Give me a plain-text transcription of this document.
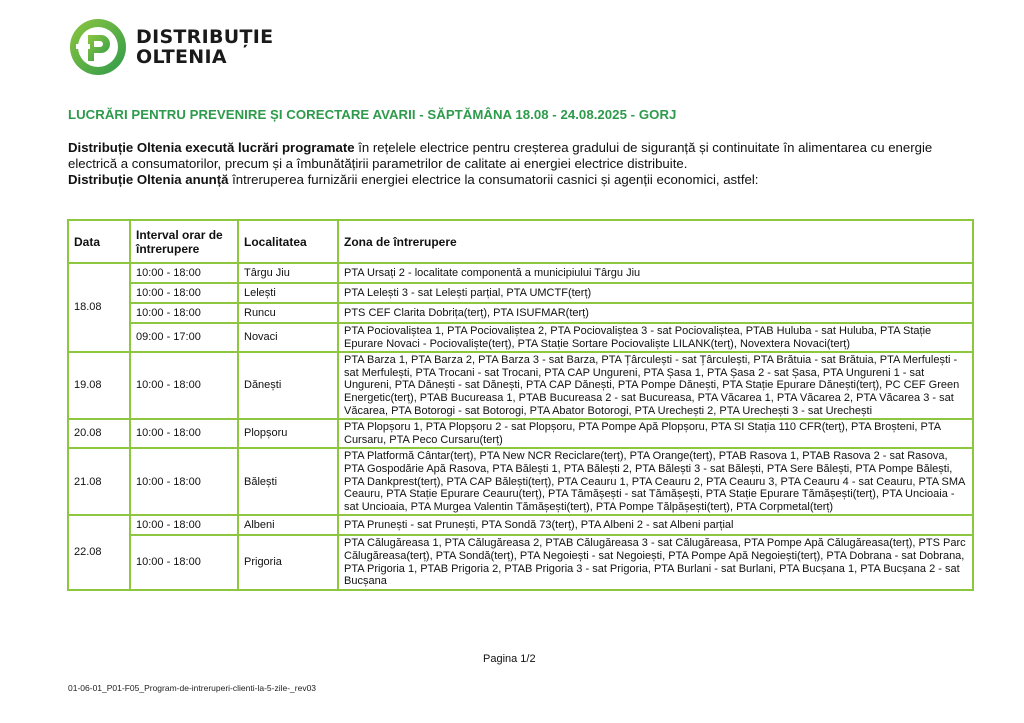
DISTRIBUȚIE
OLTENIA
LUCRĂRI PENTRU PREVENIRE ȘI CORECTARE AVARII - SĂPTĂMÂNA 18.08 - 24.08.2025 - GORJ
Distribuție Oltenia execută lucrări programate în rețelele electrice pentru creșterea gradului de siguranță și continuitate în alimentarea cu energie electrică a consumatorilor, precum și a îmbunătățirii parametrilor de calitate ai energiei electrice distribuite.
Distribuție Oltenia anunță întreruperea furnizării energiei electrice la consumatorii casnici și agenții economici, astfel:
Data	Interval orar de întrerupere	Localitatea	Zona de întrerupere
18.08	10:00 - 18:00	Târgu Jiu	PTA Ursați 2 - localitate componentă a municipiului Târgu Jiu
	10:00 - 18:00	Lelești	PTA Lelești 3 - sat Lelești parțial, PTA UMCTF(terț)
	10:00 - 18:00	Runcu	PTS CEF Clarita Dobrița(terț), PTA ISUFMAR(terț)
	09:00 - 17:00	Novaci	PTA Pociovaliștea 1, PTA Pociovaliștea 2, PTA Pociovaliștea 3 - sat Pociovaliștea, PTAB Huluba - sat Huluba, PTA Stație Epurare Novaci - Pociovaliște(terț), PTA Stație Sortare Pociovaliște LILANK(terț), Novextera Novaci(terț)
19.08	10:00 - 18:00	Dănești	PTA Barza 1, PTA Barza 2, PTA Barza 3 - sat Barza, PTA Țârculești - sat Țârculești, PTA Brătuia - sat Brătuia, PTA Merfulești - sat Merfulești, PTA Trocani - sat Trocani, PTA CAP Ungureni, PTA Șasa 1, PTA Șasa 2 - sat Șasa, PTA Ungureni 1 - sat Ungureni, PTA Dănești - sat Dănești, PTA CAP Dănești, PTA Pompe Dănești, PTA Stație Epurare Dănești(terț), PC CEF Green Energetic(terț), PTAB Bucureasa 1, PTAB Bucureasa 2 - sat Bucureasa, PTA Văcarea 1, PTA Văcarea 2, PTA Văcarea 3 - sat Văcarea, PTA Botorogi - sat Botorogi, PTA Abator Botorogi, PTA Urechești 2, PTA Urechești 3 - sat Urechești
20.08	10:00 - 18:00	Plopșoru	PTA Plopșoru 1, PTA Plopșoru 2 - sat Plopșoru, PTA Pompe Apă Plopșoru, PTA SI Stația 110 CFR(terț), PTA Broșteni, PTA Cursaru, PTA Peco Cursaru(terț)
21.08	10:00 - 18:00	Bălești	PTA Platformă Cântar(terț), PTA New NCR Reciclare(terț), PTA Orange(terț), PTAB Rasova 1, PTAB Rasova 2 - sat Rasova, PTA Gospodărie Apă Rasova, PTA Bălești 1, PTA Bălești 2, PTA Bălești 3 - sat Bălești, PTA Sere Bălești, PTA Pompe Bălești, PTA Dankprest(terț), PTA CAP Bălești(terț), PTA Ceauru 1, PTA Ceauru 2, PTA Ceauru 3, PTA Ceauru 4 - sat Ceauru, PTA SMA Ceauru, PTA Stație Epurare Ceauru(terț), PTA Tămășești - sat Tămășești, PTA Stație Epurare Tămășești(terț), PTA Uncioaia - sat Uncioaia, PTA Murgea Valentin Tămășești(terț), PTA Pompe Tălpășești(terț), PTA Corpmetal(terț)
22.08	10:00 - 18:00	Albeni	PTA Prunești - sat Prunești, PTA Sondă 73(terț), PTA Albeni 2 - sat Albeni parțial
	10:00 - 18:00	Prigoria	PTA Călugăreasa 1, PTA Călugăreasa 2, PTAB Călugăreasa 3 - sat Călugăreasa, PTA Pompe Apă Călugăreasa(terț), PTS Parc Călugăreasa(terț), PTA Sondă(terț), PTA Negoiești - sat Negoiești, PTA Pompe Apă Negoiești(terț), PTA Dobrana - sat Dobrana, PTA Prigoria 1, PTAB Prigoria 2, PTAB Prigoria 3 - sat Prigoria, PTA Burlani - sat Burlani, PTA Bucșana 1, PTA Bucșana 2 - sat Bucșana
Pagina 1/2
01-06-01_P01-F05_Program-de-intreruperi-clienti-la-5-zile-_rev03
